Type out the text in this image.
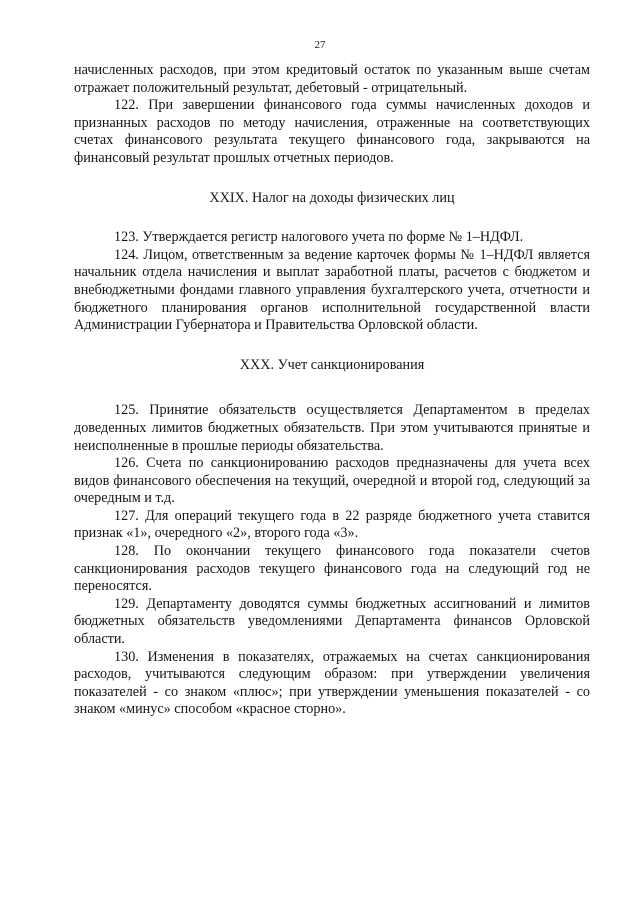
27

начисленных расходов, при этом кредитовый остаток по указанным выше счетам отражает положительный результат, дебетовый - отрицательный.

122. При завершении финансового года суммы начисленных доходов и признанных расходов по методу начисления, отраженные на соответствующих счетах финансового результата текущего финансового года, закрываются на финансовый результат прошлых отчетных периодов.

XXIX. Налог на доходы физических лиц

123. Утверждается регистр налогового учета по форме № 1–НДФЛ.

124. Лицом, ответственным за ведение карточек формы № 1–НДФЛ является начальник отдела начисления и выплат заработной платы, расчетов с бюджетом и внебюджетными фондами главного управления бухгалтерского учета, отчетности и бюджетного планирования органов исполнительной государственной власти Администрации Губернатора и Правительства Орловской области.

XXX. Учет санкционирования

125. Принятие обязательств осуществляется Департаментом в пределах доведенных лимитов бюджетных обязательств. При этом учитываются принятые и неисполненные в прошлые периоды обязательства.

126. Счета по санкционированию расходов предназначены для учета всех видов финансового обеспечения на текущий, очередной и второй год, следующий за очередным и т.д.

127. Для операций текущего года в 22 разряде бюджетного учета ставится признак «1», очередного «2», второго года «3».

128. По окончании текущего финансового года показатели счетов санкционирования расходов текущего финансового года на следующий год не переносятся.

129. Департаменту доводятся суммы бюджетных ассигнований и лимитов бюджетных обязательств уведомлениями Департамента финансов Орловской области.

130. Изменения в показателях, отражаемых на счетах санкционирования расходов, учитываются следующим образом: при утверждении увеличения показателей - со знаком «плюс»; при утверждении уменьшения показателей - со знаком «минус» способом «красное сторно».
